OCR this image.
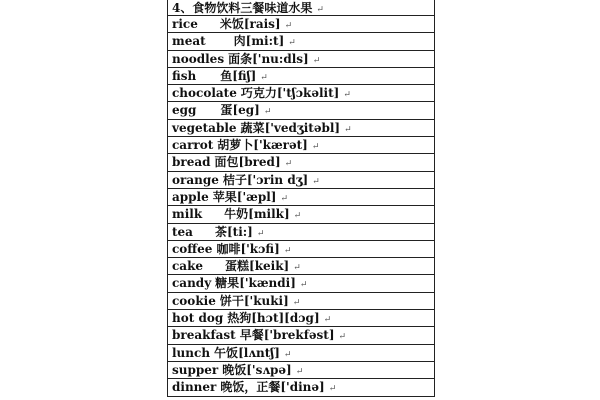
4、食物饮料三餐味道水果 ↵
rice 米饭[rais] ↵
meat 肉[mi:t] ↵
noodles 面条['nu:dls] ↵
fish 鱼[fiʃ] ↵
chocolate 巧克力['tʃɔkəlit] ↵
egg 蛋[eg] ↵
vegetable 蔬菜['vedʒitəbl] ↵
carrot 胡萝卜['kærət] ↵
bread 面包[bred] ↵
orange 桔子['ɔrin dʒ] ↵
apple 苹果['æpl] ↵
milk 牛奶[milk] ↵
tea 茶[ti:] ↵
coffee 咖啡['kɔfi] ↵
cake 蛋糕[keik] ↵
candy 糖果['kændi] ↵
cookie 饼干['kuki] ↵
hot dog 热狗[hɔt][dɔg] ↵
breakfast 早餐['brekfəst] ↵
lunch 午饭[lʌntʃ] ↵
supper 晚饭['sʌpə] ↵
dinner 晚饭，正餐['dinə] ↵
